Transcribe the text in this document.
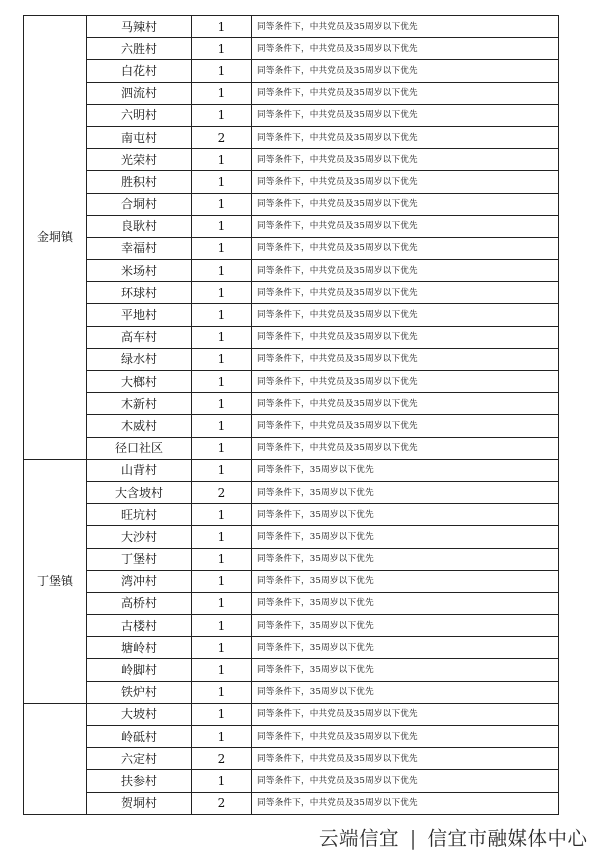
金垌镇	马辣村	1	同等条件下，中共党员及35周岁以下优先
	六胜村	1	同等条件下，中共党员及35周岁以下优先
	白花村	1	同等条件下，中共党员及35周岁以下优先
	泗流村	1	同等条件下，中共党员及35周岁以下优先
	六明村	1	同等条件下，中共党员及35周岁以下优先
	南屯村	2	同等条件下，中共党员及35周岁以下优先
	光荣村	1	同等条件下，中共党员及35周岁以下优先
	胜积村	1	同等条件下，中共党员及35周岁以下优先
	合垌村	1	同等条件下，中共党员及35周岁以下优先
	良耿村	1	同等条件下，中共党员及35周岁以下优先
	幸福村	1	同等条件下，中共党员及35周岁以下优先
	米场村	1	同等条件下，中共党员及35周岁以下优先
	环球村	1	同等条件下，中共党员及35周岁以下优先
	平地村	1	同等条件下，中共党员及35周岁以下优先
	高车村	1	同等条件下，中共党员及35周岁以下优先
	绿水村	1	同等条件下，中共党员及35周岁以下优先
	大榔村	1	同等条件下，中共党员及35周岁以下优先
	木新村	1	同等条件下，中共党员及35周岁以下优先
	木威村	1	同等条件下，中共党员及35周岁以下优先
	径口社区	1	同等条件下，中共党员及35周岁以下优先
丁堡镇	山背村	1	同等条件下，35周岁以下优先
	大含坡村	2	同等条件下，35周岁以下优先
	旺坑村	1	同等条件下，35周岁以下优先
	大沙村	1	同等条件下，35周岁以下优先
	丁堡村	1	同等条件下，35周岁以下优先
	湾冲村	1	同等条件下，35周岁以下优先
	高桥村	1	同等条件下，35周岁以下优先
	古楼村	1	同等条件下，35周岁以下优先
	塘岭村	1	同等条件下，35周岁以下优先
	岭脚村	1	同等条件下，35周岁以下优先
	铁炉村	1	同等条件下，35周岁以下优先
	大坡村	1	同等条件下，中共党员及35周岁以下优先
	岭砥村	1	同等条件下，中共党员及35周岁以下优先
	六定村	2	同等条件下，中共党员及35周岁以下优先
	扶参村	1	同等条件下，中共党员及35周岁以下优先
	贺垌村	2	同等条件下，中共党员及35周岁以下优先
云端信宜 | 信宜市融媒体中心
